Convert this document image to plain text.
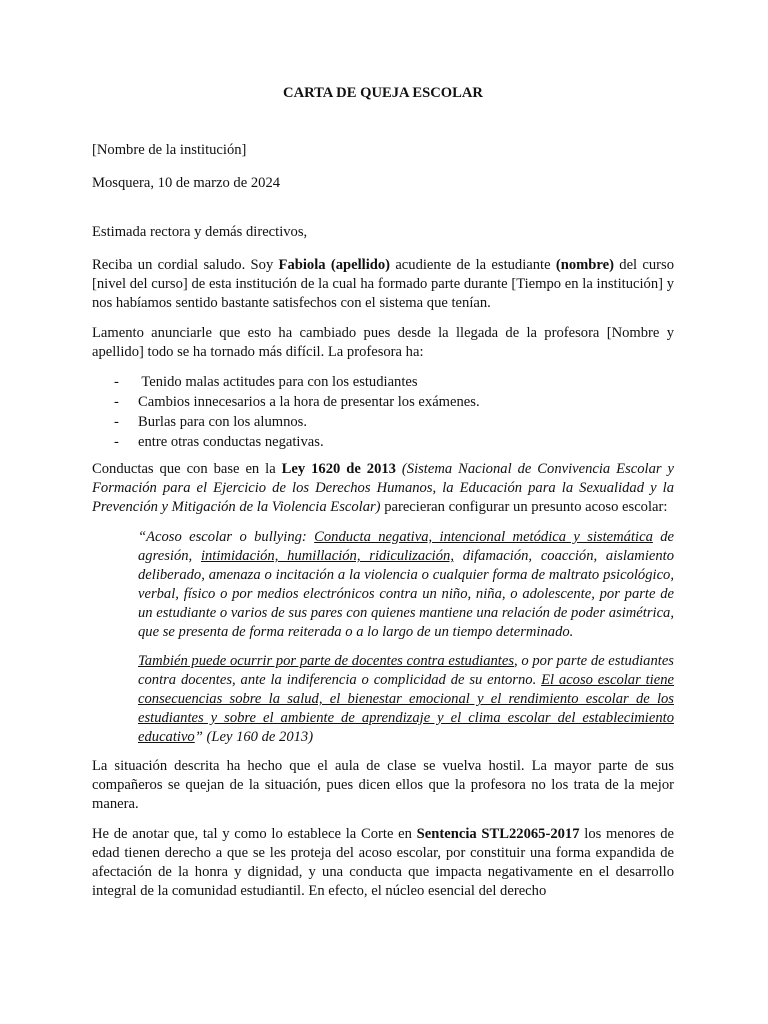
CARTA DE QUEJA ESCOLAR

[Nombre de la institución]

Mosquera, 10 de marzo de 2024

Estimada rectora y demás directivos,

Reciba un cordial saludo. Soy Fabiola (apellido) acudiente de la estudiante (nombre) del curso [nivel del curso] de esta institución de la cual ha formado parte durante [Tiempo en la institución] y nos habíamos sentido bastante satisfechos con el sistema que tenían.

Lamento anunciarle que esto ha cambiado pues desde la llegada de la profesora [Nombre y apellido] todo se ha tornado más difícil. La profesora ha:

- Tenido malas actitudes para con los estudiantes
- Cambios innecesarios a la hora de presentar los exámenes.
- Burlas para con los alumnos.
- entre otras conductas negativas.

Conductas que con base en la Ley 1620 de 2013 (Sistema Nacional de Convivencia Escolar y Formación para el Ejercicio de los Derechos Humanos, la Educación para la Sexualidad y la Prevención y Mitigación de la Violencia Escolar) parecieran configurar un presunto acoso escolar:

“Acoso escolar o bullying: Conducta negativa, intencional metódica y sistemática de agresión, intimidación, humillación, ridiculización, difamación, coacción, aislamiento deliberado, amenaza o incitación a la violencia o cualquier forma de maltrato psicológico, verbal, físico o por medios electrónicos contra un niño, niña, o adolescente, por parte de un estudiante o varios de sus pares con quienes mantiene una relación de poder asimétrica, que se presenta de forma reiterada o a lo largo de un tiempo determinado.

También puede ocurrir por parte de docentes contra estudiantes, o por parte de estudiantes contra docentes, ante la indiferencia o complicidad de su entorno. El acoso escolar tiene consecuencias sobre la salud, el bienestar emocional y el rendimiento escolar de los estudiantes y sobre el ambiente de aprendizaje y el clima escolar del establecimiento educativo” (Ley 160 de 2013)

La situación descrita ha hecho que el aula de clase se vuelva hostil. La mayor parte de sus compañeros se quejan de la situación, pues dicen ellos que la profesora no los trata de la mejor manera.

He de anotar que, tal y como lo establece la Corte en Sentencia STL22065-2017 los menores de edad tienen derecho a que se les proteja del acoso escolar, por constituir una forma expandida de afectación de la honra y dignidad, y una conducta que impacta negativamente en el desarrollo integral de la comunidad estudiantil. En efecto, el núcleo esencial del derecho
